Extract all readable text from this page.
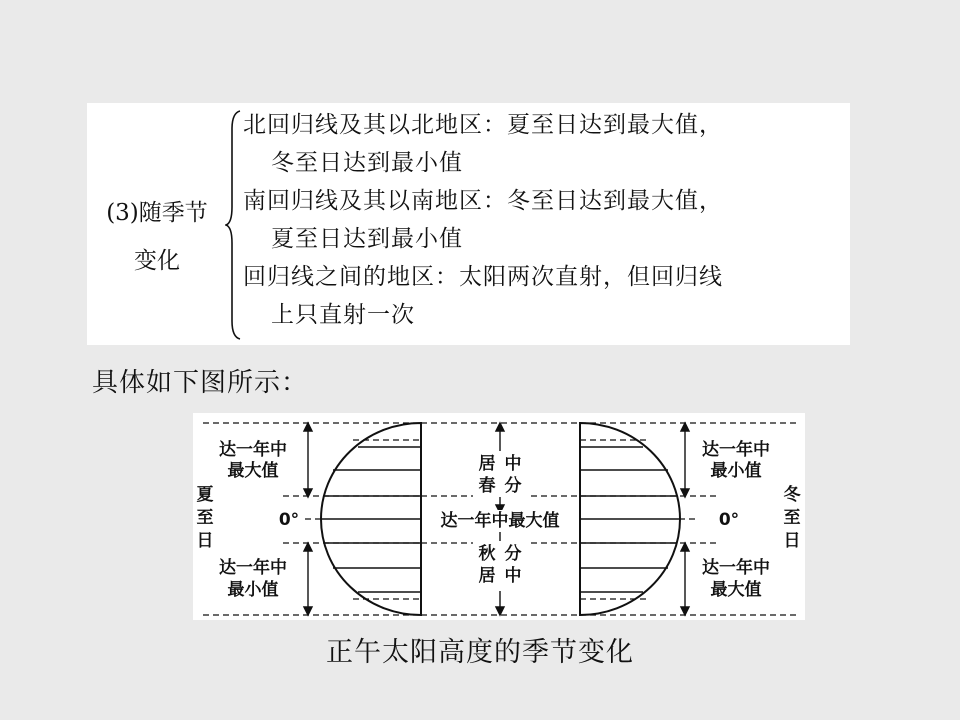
(3)随季节
变化
北回归线及其以北地区：夏至日达到最大值，
冬至日达到最小值
南回归线及其以南地区：冬至日达到最大值，
夏至日达到最小值
回归线之间的地区：太阳两次直射，但回归线
上只直射一次
具体如下图所示：
达一年中
最大值
达一年中
最小值
夏
至
日
0°
居
春
中
分
达一年中最大值
秋
居
分
中
达一年中
最小值
达一年中
最大值
冬
至
日
0°
正午太阳高度的季节变化
